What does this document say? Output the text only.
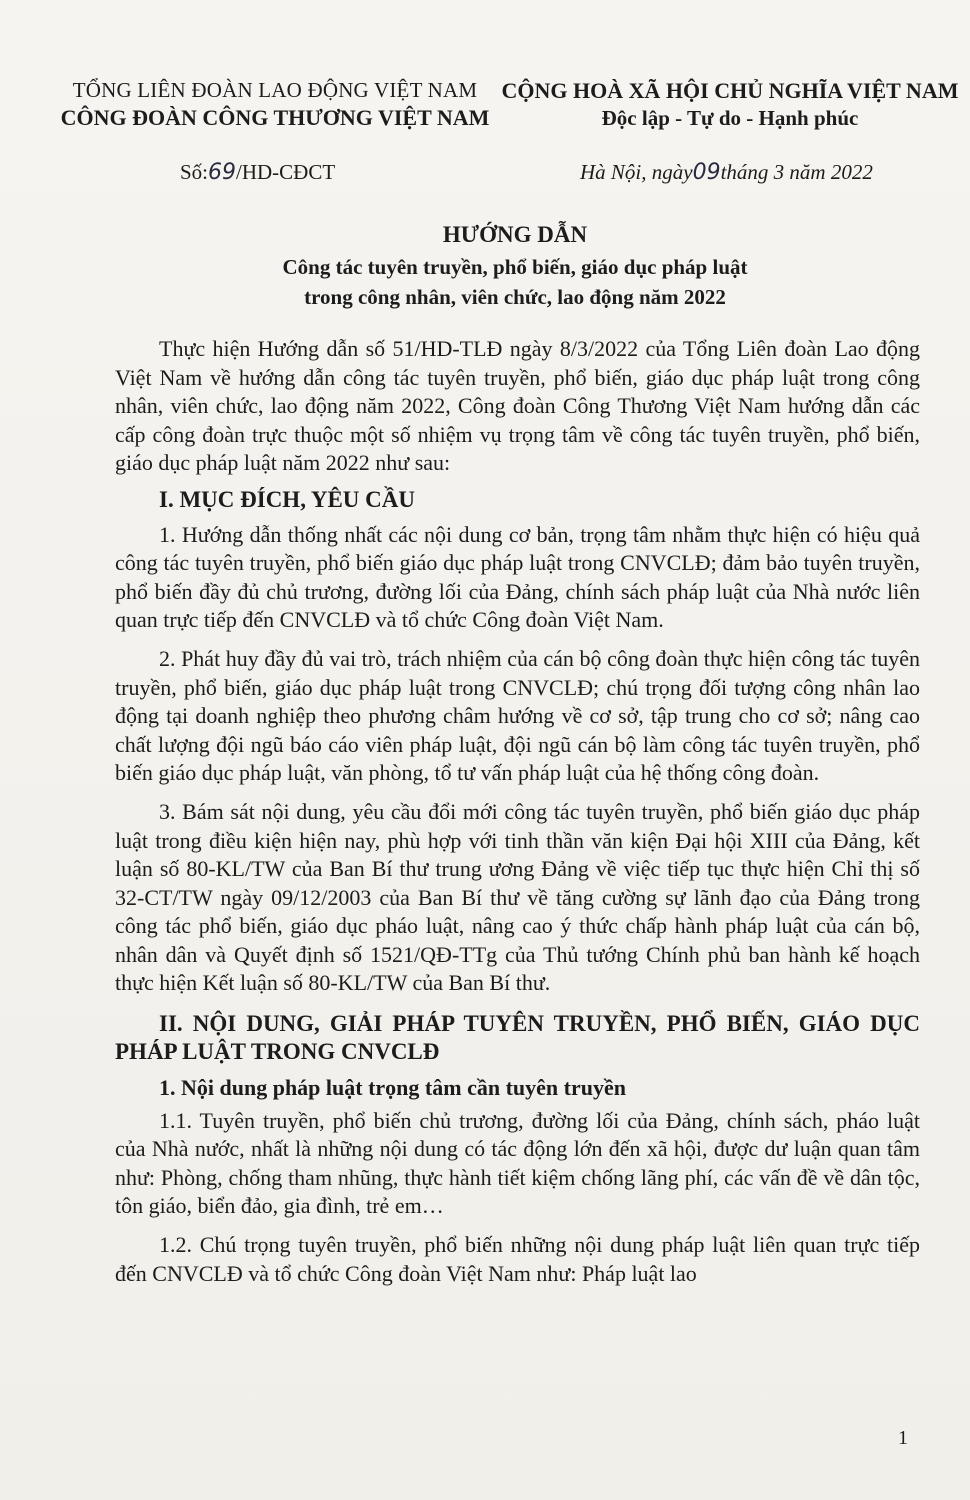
TỔNG LIÊN ĐOÀN LAO ĐỘNG VIỆT NAM
CÔNG ĐOÀN CÔNG THƯƠNG VIỆT NAM
CỘNG HOÀ XÃ HỘI CHỦ NGHĨA VIỆT NAM
Độc lập - Tự do - Hạnh phúc
Số:69/HD-CĐCT	Hà Nội, ngày09tháng 3 năm 2022
HƯỚNG DẪN
Công tác tuyên truyền, phổ biến, giáo dục pháp luật
trong công nhân, viên chức, lao động năm 2022

Thực hiện Hướng dẫn số 51/HD-TLĐ ngày 8/3/2022 của Tổng Liên đoàn Lao động Việt Nam về hướng dẫn công tác tuyên truyền, phổ biến, giáo dục pháp luật trong công nhân, viên chức, lao động năm 2022, Công đoàn Công Thương Việt Nam hướng dẫn các cấp công đoàn trực thuộc một số nhiệm vụ trọng tâm về công tác tuyên truyền, phổ biến, giáo dục pháp luật năm 2022 như sau:

I. MỤC ĐÍCH, YÊU CẦU

1. Hướng dẫn thống nhất các nội dung cơ bản, trọng tâm nhằm thực hiện có hiệu quả công tác tuyên truyền, phổ biến giáo dục pháp luật trong CNVCLĐ; đảm bảo tuyên truyền, phổ biến đầy đủ chủ trương, đường lối của Đảng, chính sách pháp luật của Nhà nước liên quan trực tiếp đến CNVCLĐ và tổ chức Công đoàn Việt Nam.

2. Phát huy đầy đủ vai trò, trách nhiệm của cán bộ công đoàn thực hiện công tác tuyên truyền, phổ biến, giáo dục pháp luật trong CNVCLĐ; chú trọng đối tượng công nhân lao động tại doanh nghiệp theo phương châm hướng về cơ sở, tập trung cho cơ sở; nâng cao chất lượng đội ngũ báo cáo viên pháp luật, đội ngũ cán bộ làm công tác tuyên truyền, phổ biến giáo dục pháp luật, văn phòng, tổ tư vấn pháp luật của hệ thống công đoàn.

3. Bám sát nội dung, yêu cầu đổi mới công tác tuyên truyền, phổ biến giáo dục pháp luật trong điều kiện hiện nay, phù hợp với tinh thần văn kiện Đại hội XIII của Đảng, kết luận số 80-KL/TW của Ban Bí thư trung ương Đảng về việc tiếp tục thực hiện Chỉ thị số 32-CT/TW ngày 09/12/2003 của Ban Bí thư về tăng cường sự lãnh đạo của Đảng trong công tác phổ biến, giáo dục pháo luật, nâng cao ý thức chấp hành pháp luật của cán bộ, nhân dân và Quyết định số 1521/QĐ-TTg của Thủ tướng Chính phủ ban hành kế hoạch thực hiện Kết luận số 80-KL/TW của Ban Bí thư.

II. NỘI DUNG, GIẢI PHÁP TUYÊN TRUYỀN, PHỔ BIẾN, GIÁO DỤC PHÁP LUẬT TRONG CNVCLĐ
1. Nội dung pháp luật trọng tâm cần tuyên truyền

1.1. Tuyên truyền, phổ biến chủ trương, đường lối của Đảng, chính sách, pháo luật của Nhà nước, nhất là những nội dung có tác động lớn đến xã hội, được dư luận quan tâm như: Phòng, chống tham nhũng, thực hành tiết kiệm chống lãng phí, các vấn đề về dân tộc, tôn giáo, biển đảo, gia đình, trẻ em…

1.2. Chú trọng tuyên truyền, phổ biến những nội dung pháp luật liên quan trực tiếp đến CNVCLĐ và tổ chức Công đoàn Việt Nam như: Pháp luật lao

1
